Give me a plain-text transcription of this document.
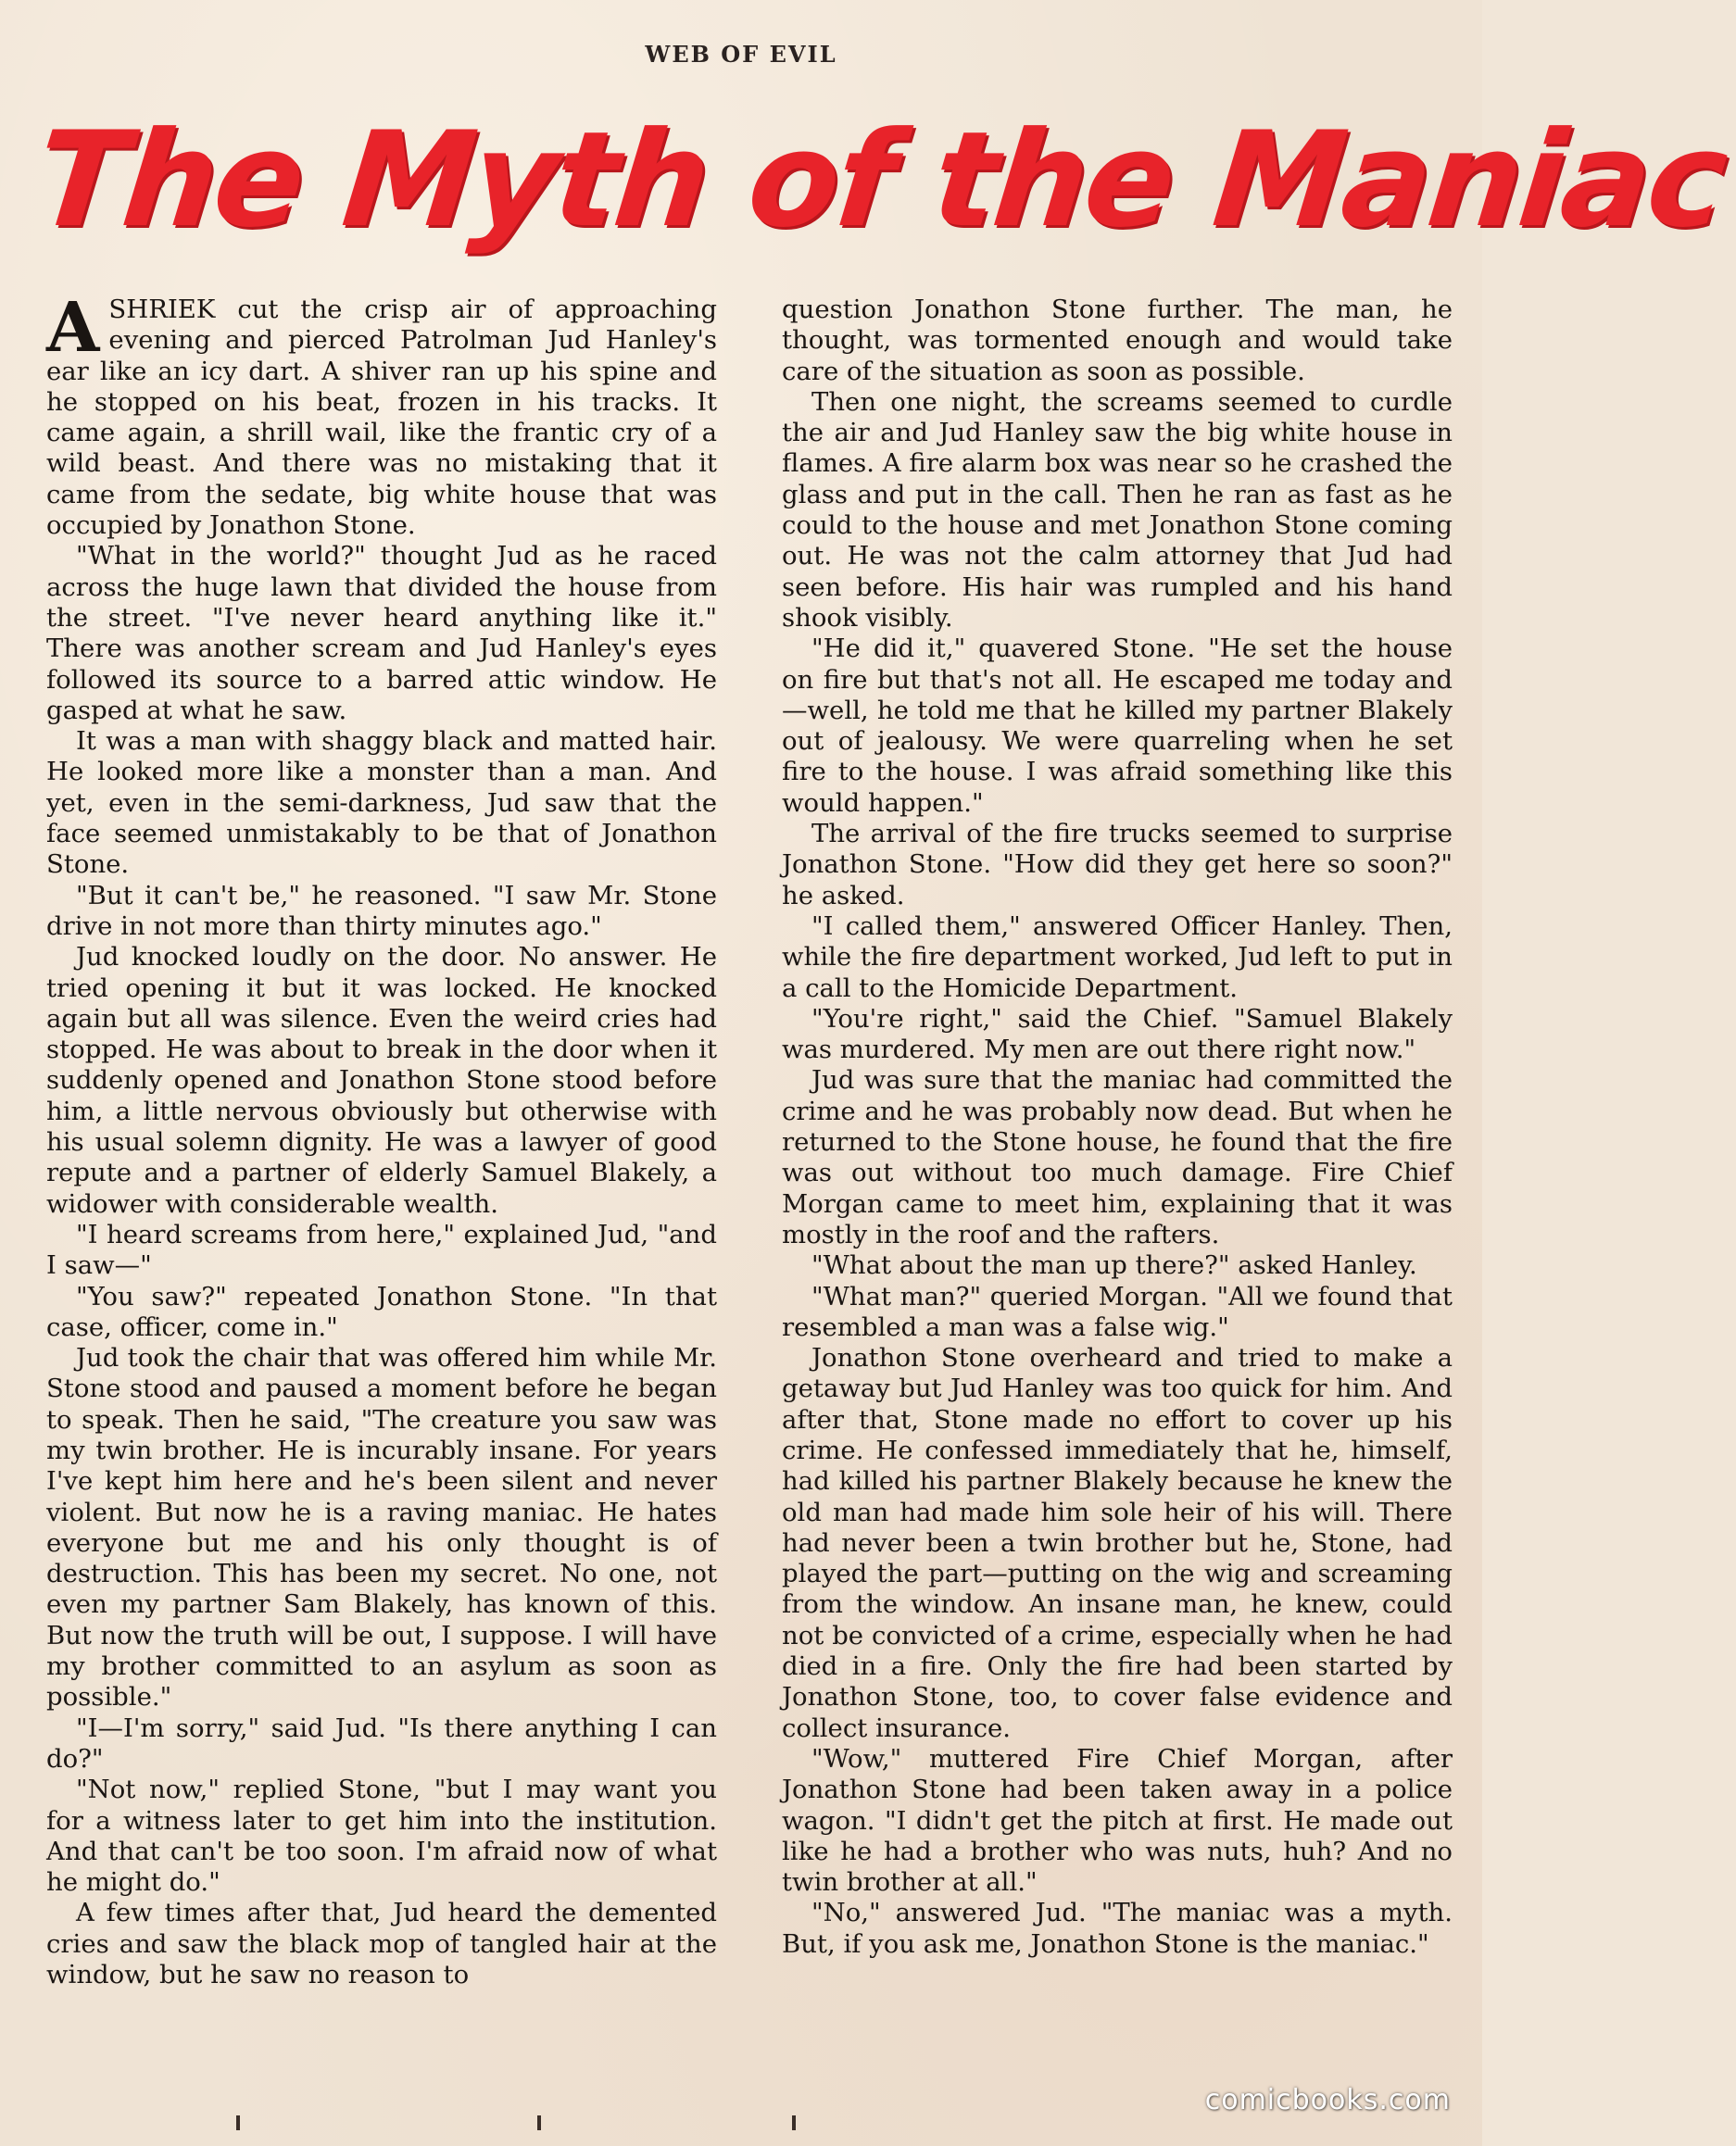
WEB OF EVIL
The Myth of the Maniac

ASHRIEK cut the crisp air of approaching evening and pierced Patrolman Jud Hanley's ear like an icy dart. A shiver ran up his spine and he stopped on his beat, frozen in his tracks. It came again, a shrill wail, like the frantic cry of a wild beast. And there was no mistaking that it came from the sedate, big white house that was occupied by Jonathon Stone.

"What in the world?" thought Jud as he raced across the huge lawn that divided the house from the street. "I've never heard anything like it." There was another scream and Jud Hanley's eyes followed its source to a barred attic window. He gasped at what he saw.

It was a man with shaggy black and matted hair. He looked more like a monster than a man. And yet, even in the semi-darkness, Jud saw that the face seemed unmistakably to be that of Jonathon Stone.

"But it can't be," he reasoned. "I saw Mr. Stone drive in not more than thirty minutes ago."

Jud knocked loudly on the door. No answer. He tried opening it but it was locked. He knocked again but all was silence. Even the weird cries had stopped. He was about to break in the door when it suddenly opened and Jonathon Stone stood before him, a little nervous obviously but otherwise with his usual solemn dignity. He was a lawyer of good repute and a partner of elderly Samuel Blakely, a widower with considerable wealth.

"I heard screams from here," explained Jud, "and I saw—"

"You saw?" repeated Jonathon Stone. "In that case, officer, come in."

Jud took the chair that was offered him while Mr. Stone stood and paused a moment before he began to speak. Then he said, "The creature you saw was my twin brother. He is incurably insane. For years I've kept him here and he's been silent and never violent. But now he is a raving maniac. He hates everyone but me and his only thought is of destruction. This has been my secret. No one, not even my partner Sam Blakely, has known of this. But now the truth will be out, I suppose. I will have my brother committed to an asylum as soon as possible."

"I—I'm sorry," said Jud. "Is there anything I can do?"

"Not now," replied Stone, "but I may want you for a witness later to get him into the institution. And that can't be too soon. I'm afraid now of what he might do."

A few times after that, Jud heard the demented cries and saw the black mop of tangled hair at the window, but he saw no reason to

question Jonathon Stone further. The man, he thought, was tormented enough and would take care of the situation as soon as possible.

Then one night, the screams seemed to curdle the air and Jud Hanley saw the big white house in flames. A fire alarm box was near so he crashed the glass and put in the call. Then he ran as fast as he could to the house and met Jonathon Stone coming out. He was not the calm attorney that Jud had seen before. His hair was rumpled and his hand shook visibly.

"He did it," quavered Stone. "He set the house on fire but that's not all. He escaped me today and—well, he told me that he killed my partner Blakely out of jealousy. We were quarreling when he set fire to the house. I was afraid something like this would happen."

The arrival of the fire trucks seemed to surprise Jonathon Stone. "How did they get here so soon?" he asked.

"I called them," answered Officer Hanley. Then, while the fire department worked, Jud left to put in a call to the Homicide Department.

"You're right," said the Chief. "Samuel Blakely was murdered. My men are out there right now."

Jud was sure that the maniac had committed the crime and he was probably now dead. But when he returned to the Stone house, he found that the fire was out without too much damage. Fire Chief Morgan came to meet him, explaining that it was mostly in the roof and the rafters.

"What about the man up there?" asked Hanley.

"What man?" queried Morgan. "All we found that resembled a man was a false wig."

Jonathon Stone overheard and tried to make a getaway but Jud Hanley was too quick for him. And after that, Stone made no effort to cover up his crime. He confessed immediately that he, himself, had killed his partner Blakely because he knew the old man had made him sole heir of his will. There had never been a twin brother but he, Stone, had played the part—putting on the wig and screaming from the window. An insane man, he knew, could not be convicted of a crime, especially when he had died in a fire. Only the fire had been started by Jonathon Stone, too, to cover false evidence and collect insurance.

"Wow," muttered Fire Chief Morgan, after Jonathon Stone had been taken away in a police wagon. "I didn't get the pitch at first. He made out like he had a brother who was nuts, huh? And no twin brother at all."

"No," answered Jud. "The maniac was a myth. But, if you ask me, Jonathon Stone is the maniac."

comicbooks.com
